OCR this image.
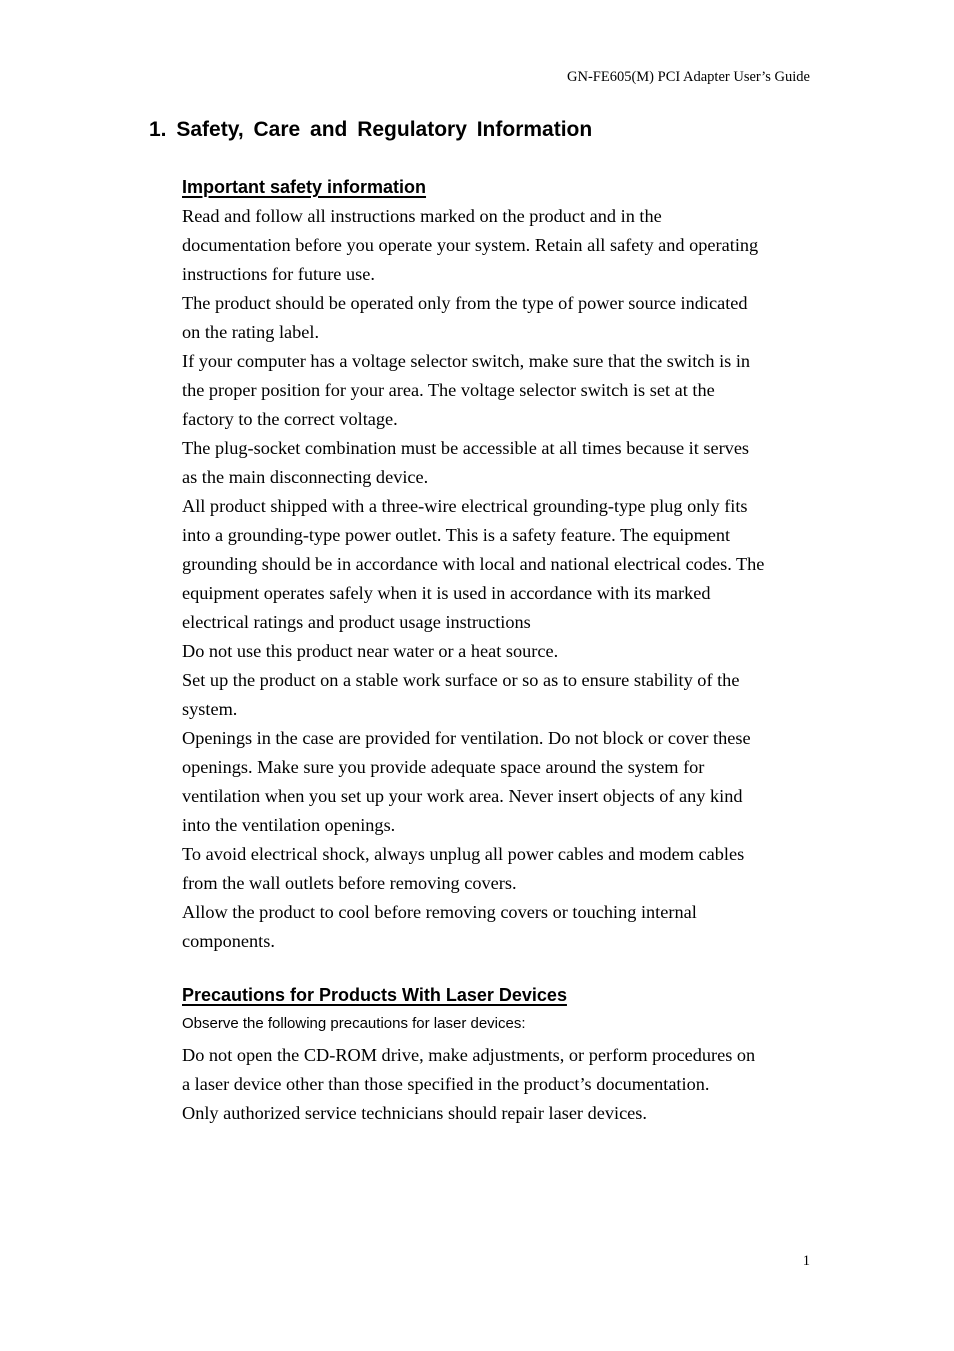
GN-FE605(M) PCI Adapter User’s Guide
1. Safety, Care and Regulatory Information
Important safety information
Read and follow all instructions marked on the product and in the
documentation before you operate your system. Retain all safety and operating
instructions for future use.
The product should be operated only from the type of power source indicated
on the rating label.
If your computer has a voltage selector switch, make sure that the switch is in
the proper position for your area. The voltage selector switch is set at the
factory to the correct voltage.
The plug-socket combination must be accessible at all times because it serves
as the main disconnecting device.
All product shipped with a three-wire electrical grounding-type plug only fits
into a grounding-type power outlet. This is a safety feature. The equipment
grounding should be in accordance with local and national electrical codes. The
equipment operates safely when it is used in accordance with its marked
electrical ratings and product usage instructions
Do not use this product near water or a heat source.
Set up the product on a stable work surface or so as to ensure stability of the
system.
Openings in the case are provided for ventilation. Do not block or cover these
openings. Make sure you provide adequate space around the system for
ventilation when you set up your work area. Never insert objects of any kind
into the ventilation openings.
To avoid electrical shock, always unplug all power cables and modem cables
from the wall outlets before removing covers.
Allow the product to cool before removing covers or touching internal
components.
Precautions for Products With Laser Devices
Observe the following precautions for laser devices:
Do not open the CD-ROM drive, make adjustments, or perform procedures on
a laser device other than those specified in the product’s documentation.
Only authorized service technicians should repair laser devices.
1
